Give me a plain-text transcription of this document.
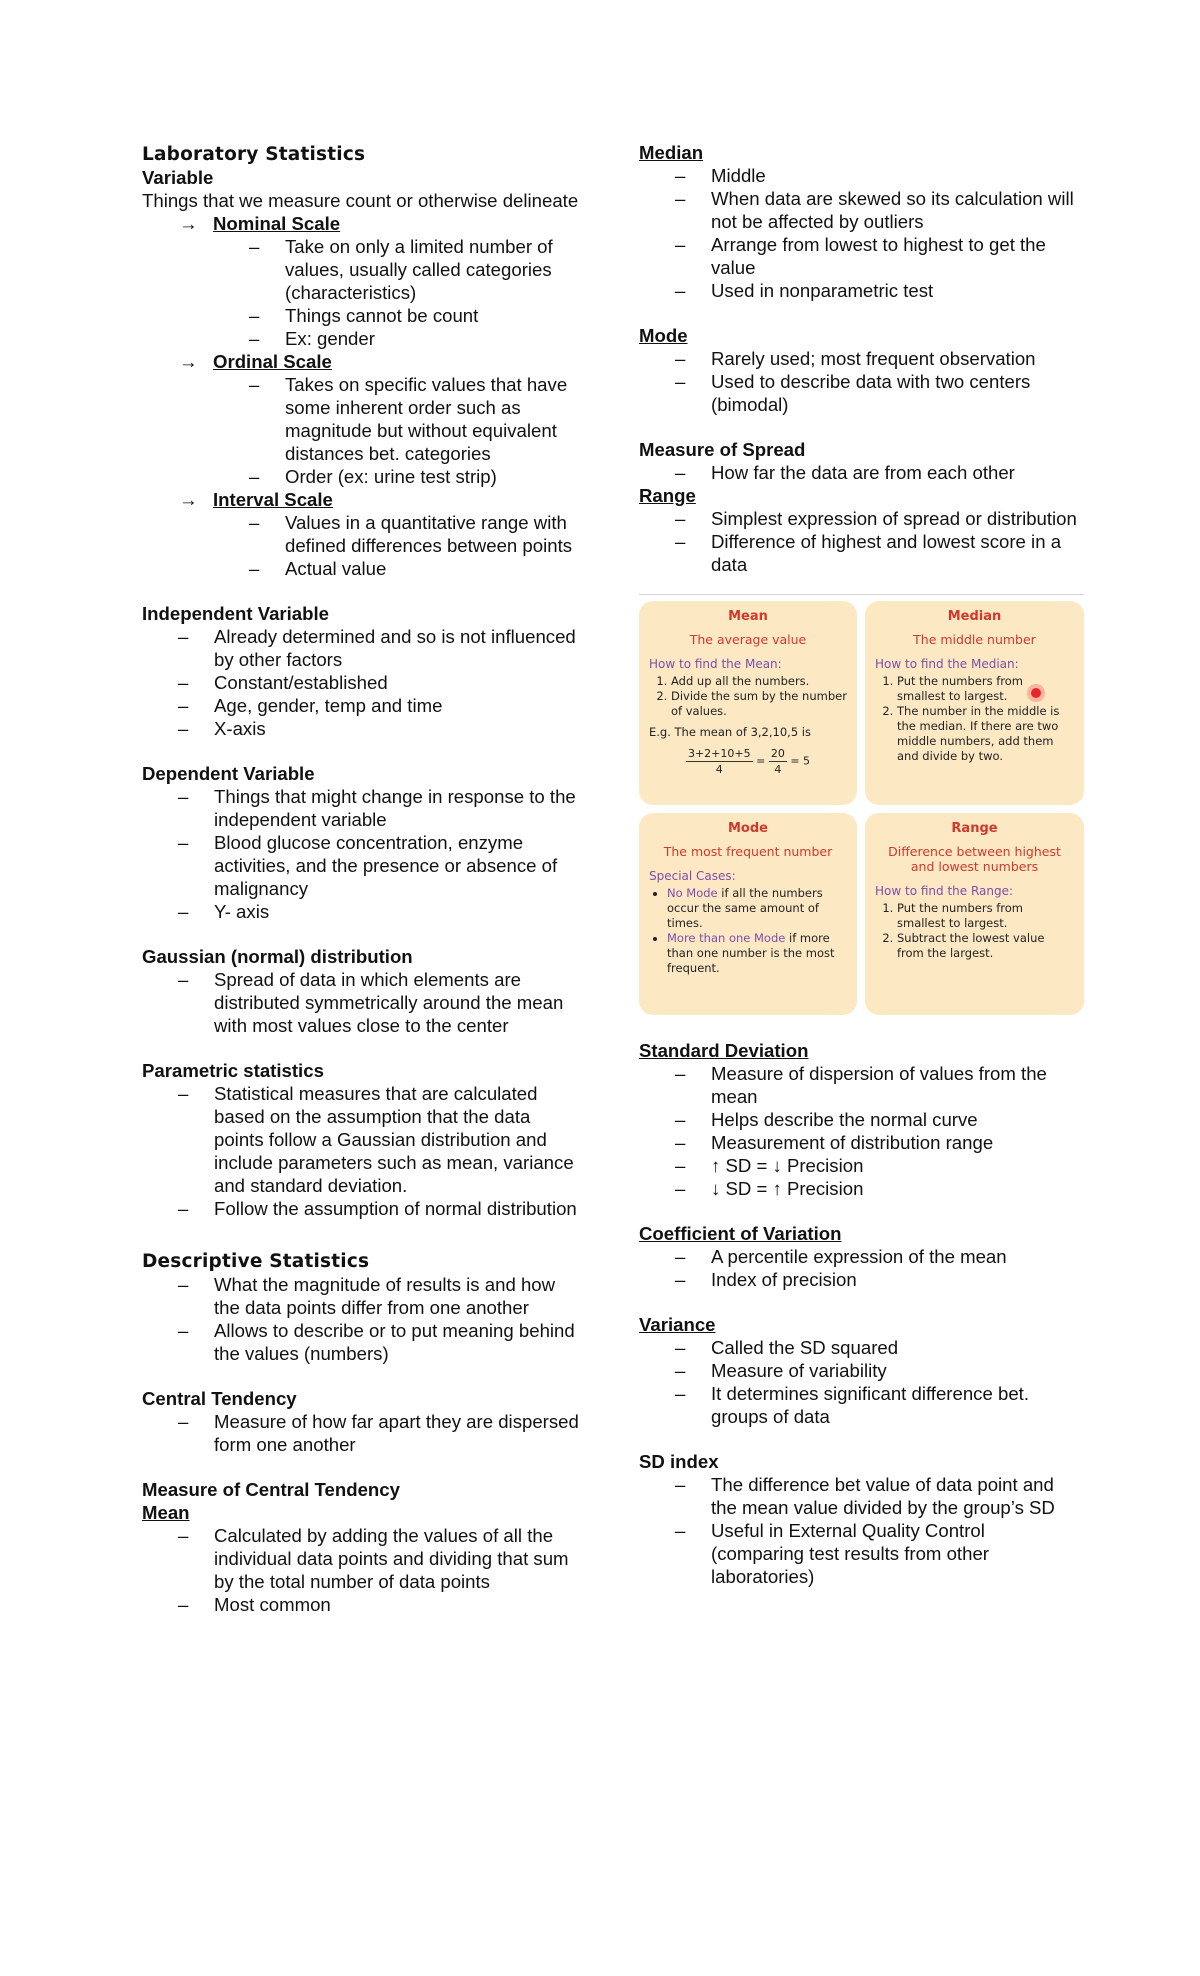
Laboratory Statistics
Variable
Things that we measure count or otherwise delineate
→ Nominal Scale
–	Take on only a limited number of values, usually called categories (characteristics)
–	Things cannot be count
–	Ex: gender
→ Ordinal Scale
–	Takes on specific values that have some inherent order such as magnitude but without equivalent distances bet. categories
–	Order (ex: urine test strip)
→ Interval Scale
–	Values in a quantitative range with defined differences between points
–	Actual value
Independent Variable
–	Already determined and so is not influenced by other factors
–	Constant/established
–	Age, gender, temp and time
–	X-axis
Dependent Variable
–	Things that might change in response to the independent variable
–	Blood glucose concentration, enzyme activities, and the presence or absence of malignancy
–	Y- axis
Gaussian (normal) distribution
–	Spread of data in which elements are distributed symmetrically around the mean with most values close to the center
Parametric statistics
–	Statistical measures that are calculated based on the assumption that the data points follow a Gaussian distribution and include parameters such as mean, variance and standard deviation.
–	Follow the assumption of normal distribution
Descriptive Statistics
–	What the magnitude of results is and how the data points differ from one another
–	Allows to describe or to put meaning behind the values (numbers)
Central Tendency
–	Measure of how far apart they are dispersed form one another
Measure of Central Tendency
Mean
–	Calculated by adding the values of all the individual data points and dividing that sum by the total number of data points
–	Most common
Median
–	Middle
–	When data are skewed so its calculation will not be affected by outliers
–	Arrange from lowest to highest to get the value
–	Used in nonparametric test
Mode
–	Rarely used; most frequent observation
–	Used to describe data with two centers (bimodal)
Measure of Spread
–	How far the data are from each other
Range
–	Simplest expression of spread or distribution
–	Difference of highest and lowest score in a data
Mean
The average value
How to find the Mean:
1. Add up all the numbers.
2. Divide the sum by the number of values.
E.g. The mean of 3,2,10,5 is
$\frac{3+2+10+5}{4} = \frac{20}{4} = 5$
Median
The middle number
How to find the Median:
1. Put the numbers from smallest to largest.
2. The number in the middle is the median. If there are two middle numbers, add them and divide by two.
Mode
The most frequent number
Special Cases:
• No Mode if all the numbers occur the same amount of times.
• More than one Mode if more than one number is the most frequent.
Range
Difference between highest and lowest numbers
How to find the Range:
1. Put the numbers from smallest to largest.
2. Subtract the lowest value from the largest.
Standard Deviation
–	Measure of dispersion of values from the mean
–	Helps describe the normal curve
–	Measurement of distribution range
–	↑ SD = ↓ Precision
–	↓ SD = ↑ Precision
Coefficient of Variation
–	A percentile expression of the mean
–	Index of precision
Variance
–	Called the SD squared
–	Measure of variability
–	It determines significant difference bet. groups of data
SD index
–	The difference bet value of data point and the mean value divided by the group’s SD
–	Useful in External Quality Control (comparing test results from other laboratories)
